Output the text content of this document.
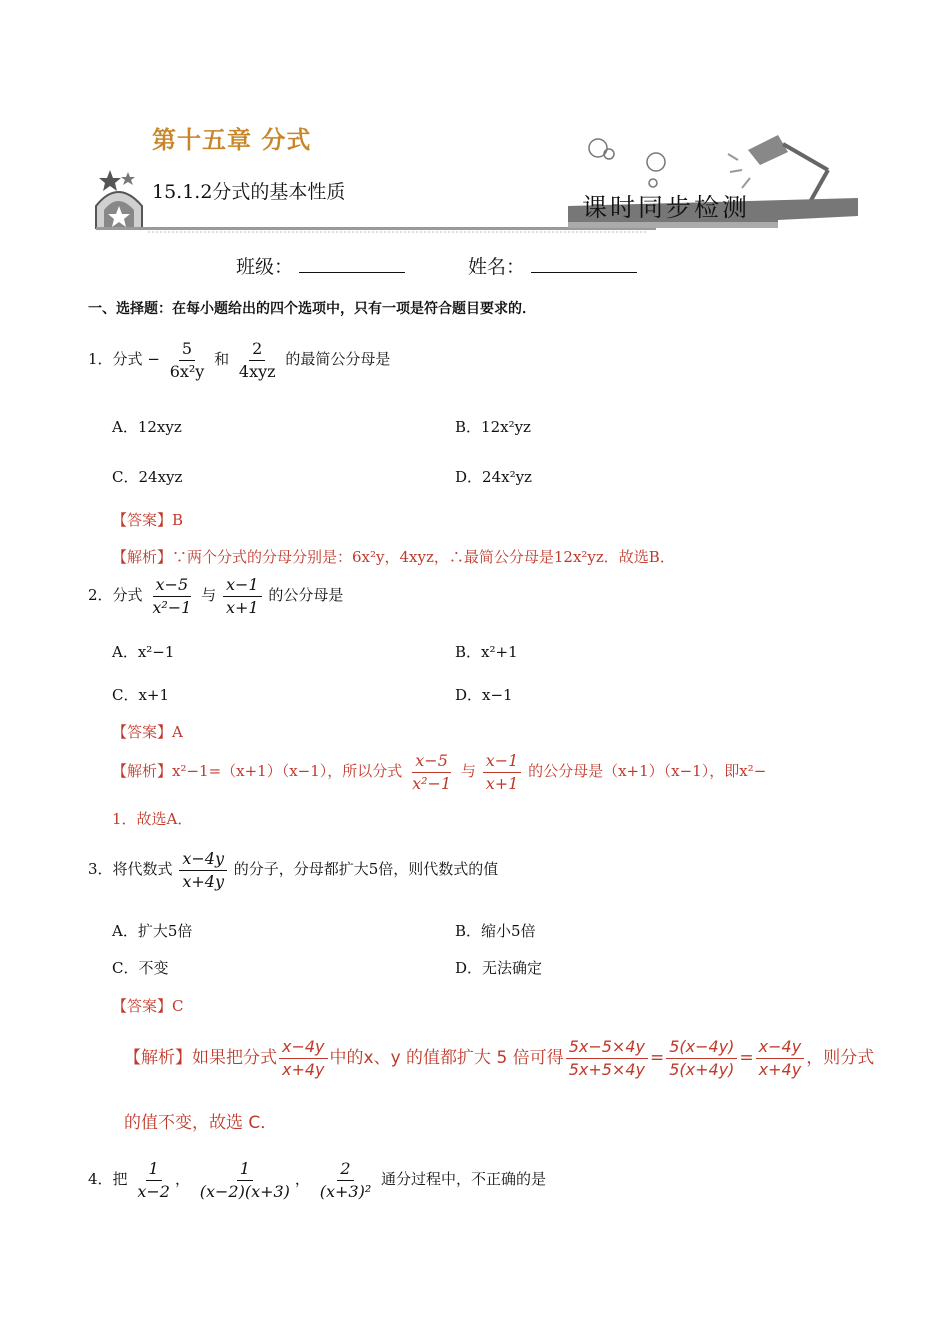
第十五章 分式
15.1.2分式的基本性质
课时同步检测
班级：	姓名：
一、选择题：在每小题给出的四个选项中，只有一项是符合题目要求的．
1．分式 − $\frac{5}{\text{6x²y}}$ 和 $\frac{2}{\text{4xyz}}$ 的最简公分母是
A．12xyz	B．12x²yz
C．24xyz	D．24x²yz
【答案】B
【解析】∵两个分式的分母分别是：6x²y，4xyz，∴最简公分母是12x²yz．故选B．
2．分式 $\frac{x-5}{\text{x²−1}}$ 与 $\frac{x-1}{x+1}$ 的公分母是
A．x²−1	B．x²+1
C．x+1	D．x−1
【答案】A
【解析】x²−1=（x+1）（x−1），所以分式 $\frac{x-5}{\text{x²−1}}$ 与 $\frac{x-1}{x+1}$ 的公分母是（x+1）（x−1），即x²−
1．故选A．
3．将代数式 $\frac{x-4y}{x+4y}$ 的分子，分母都扩大5倍，则代数式的值
A．扩大5倍	B．缩小5倍
C．不变	D．无法确定
【答案】C
【解析】如果把分式 $\frac{x-4y}{x+4y}$ 中的x、y 的值都扩大 5 倍可得 $\frac{5x-5\times 4y}{5x+5\times 4y} = \frac{5(x-4y)}{5(x+4y)} = \frac{x-4y}{x+4y}$ ，则分式
的值不变，故选 C．
4．把 $\frac{1}{x-2}$ ， $\frac{1}{(x-2)(x+3)}$ ， $\frac{2}{\text{(x+3)²}}$ 通分过程中，不正确的是
